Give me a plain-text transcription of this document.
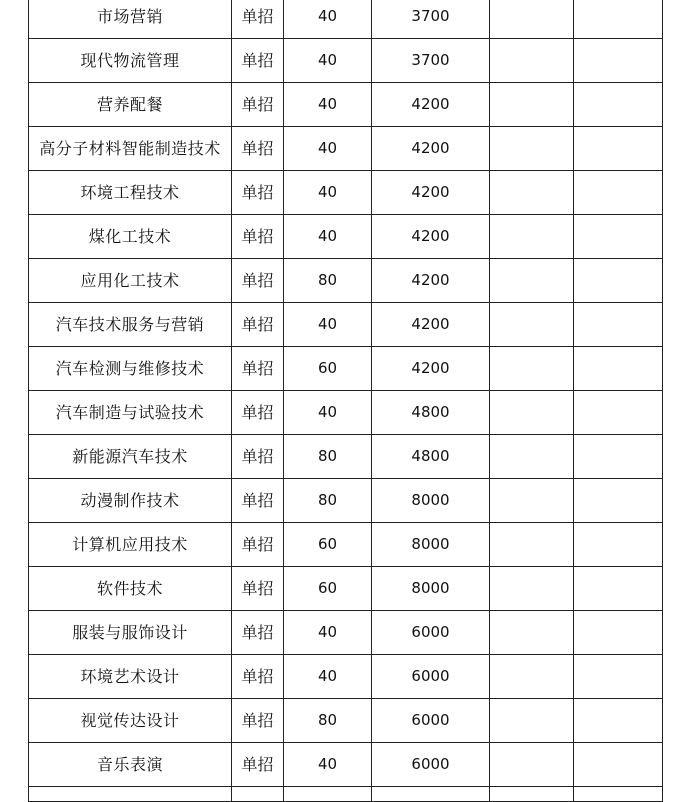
市场营销	单招	40	3700		
现代物流管理	单招	40	3700		
营养配餐	单招	40	4200		
高分子材料智能制造技术	单招	40	4200		
环境工程技术	单招	40	4200		
煤化工技术	单招	40	4200		
应用化工技术	单招	80	4200		
汽车技术服务与营销	单招	40	4200		
汽车检测与维修技术	单招	60	4200		
汽车制造与试验技术	单招	40	4800		
新能源汽车技术	单招	80	4800		
动漫制作技术	单招	80	8000		
计算机应用技术	单招	60	8000		
软件技术	单招	60	8000		
服装与服饰设计	单招	40	6000		
环境艺术设计	单招	40	6000		
视觉传达设计	单招	80	6000		
音乐表演	单招	40	6000		
